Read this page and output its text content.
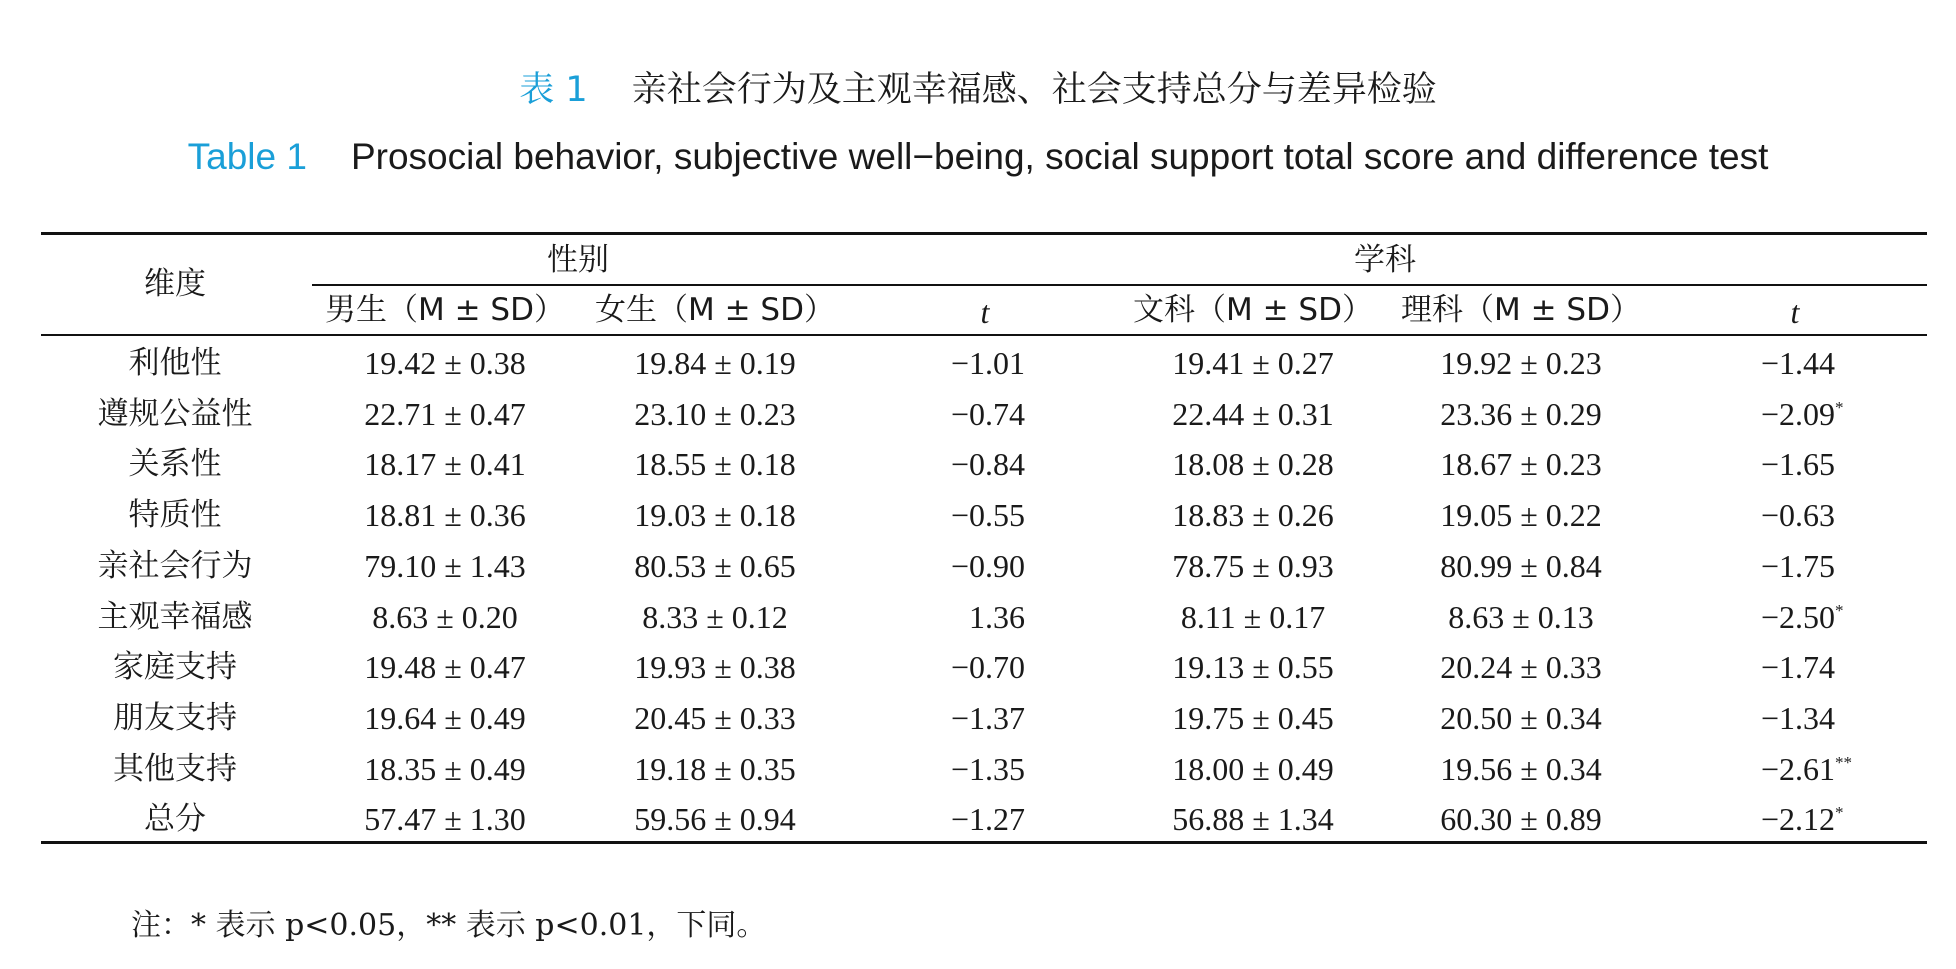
表 1 亲社会行为及主观幸福感、社会支持总分与差异检验
Table 1 Prosocial behavior, subjective well−being, social support total score and difference test
维度
性别	学科
男生（M ± SD） 女生（M ± SD）	t	文科（M ± SD） 理科（M ± SD）	t
利他性	19.42 ± 0.38	19.84 ± 0.19	−1.01	19.41 ± 0.27	19.92 ± 0.23	−1.44
遵规公益性	22.71 ± 0.47	23.10 ± 0.23	−0.74	22.44 ± 0.31	23.36 ± 0.29	−2.09 *
关系性	18.17 ± 0.41	18.55 ± 0.18	−0.84	18.08 ± 0.28	18.67 ± 0.23	−1.65
特质性	18.81 ± 0.36	19.03 ± 0.18	−0.55	18.83 ± 0.26	19.05 ± 0.22	−0.63
亲社会行为	79.10 ± 1.43	80.53 ± 0.65	−0.90	78.75 ± 0.93	80.99 ± 0.84	−1.75
主观幸福感	8.63 ± 0.20	8.33 ± 0.12	1.36	8.11 ± 0.17	8.63 ± 0.13	−2.50 *
家庭支持	19.48 ± 0.47	19.93 ± 0.38	−0.70	19.13 ± 0.55	20.24 ± 0.33	−1.74
朋友支持	19.64 ± 0.49	20.45 ± 0.33	−1.37	19.75 ± 0.45	20.50 ± 0.34	−1.34
其他支持	18.35 ± 0.49	19.18 ± 0.35	−1.35	18.00 ± 0.49	19.56 ± 0.34	−2.61 **
总分	57.47 ± 1.30	59.56 ± 0.94	−1.27	56.88 ± 1.34	60.30 ± 0.89	−2.12 *
注：* 表示 p<0.05，** 表示 p<0.01，下同。
